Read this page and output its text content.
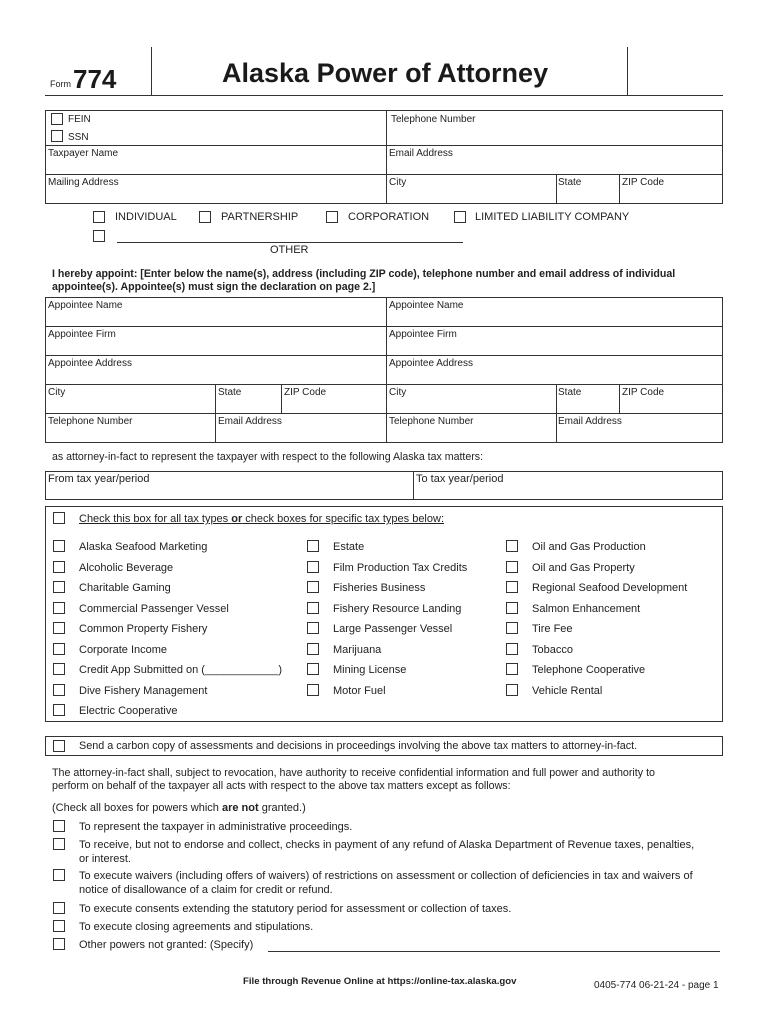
Form 774	Alaska Power of Attorney
FEIN
SSN
Telephone Number
Taxpayer Name	Email Address
Mailing Address	City	State	ZIP Code
INDIVIDUAL	PARTNERSHIP	CORPORATION	LIMITED LIABILITY COMPANY
OTHER
I hereby appoint: [Enter below the name(s), address (including ZIP code), telephone number and email address of individual
appointee(s). Appointee(s) must sign the declaration on page 2.]
Appointee Name	Appointee Name
Appointee Firm	Appointee Firm
Appointee Address	Appointee Address
City	State	ZIP Code	City	State	ZIP Code
Telephone Number	Email Address	Telephone Number	Email Address
as attorney-in-fact to represent the taxpayer with respect to the following Alaska tax matters:
From tax year/period	To tax year/period
Check this box for all tax types or check boxes for specific tax types below:
Alaska Seafood Marketing
Alcoholic Beverage
Charitable Gaming
Commercial Passenger Vessel
Common Property Fishery
Corporate Income
Credit App Submitted on (____________)
Dive Fishery Management
Electric Cooperative
Estate
Film Production Tax Credits
Fisheries Business
Fishery Resource Landing
Large Passenger Vessel
Marijuana
Mining License
Motor Fuel
Oil and Gas Production
Oil and Gas Property
Regional Seafood Development
Salmon Enhancement
Tire Fee
Tobacco
Telephone Cooperative
Vehicle Rental
Send a carbon copy of assessments and decisions in proceedings involving the above tax matters to attorney-in-fact.
The attorney-in-fact shall, subject to revocation, have authority to receive confidential information and full power and authority to
perform on behalf of the taxpayer all acts with respect to the above tax matters except as follows:
(Check all boxes for powers which are not granted.)
To represent the taxpayer in administrative proceedings.
To receive, but not to endorse and collect, checks in payment of any refund of Alaska Department of Revenue taxes, penalties,
or interest.
To execute waivers (including offers of waivers) of restrictions on assessment or collection of deficiencies in tax and waivers of
notice of disallowance of a claim for credit or refund.
To execute consents extending the statutory period for assessment or collection of taxes.
To execute closing agreements and stipulations.
Other powers not granted: (Specify)
File through Revenue Online at https://online-tax.alaska.gov	0405-774 06-21-24 - page 1
